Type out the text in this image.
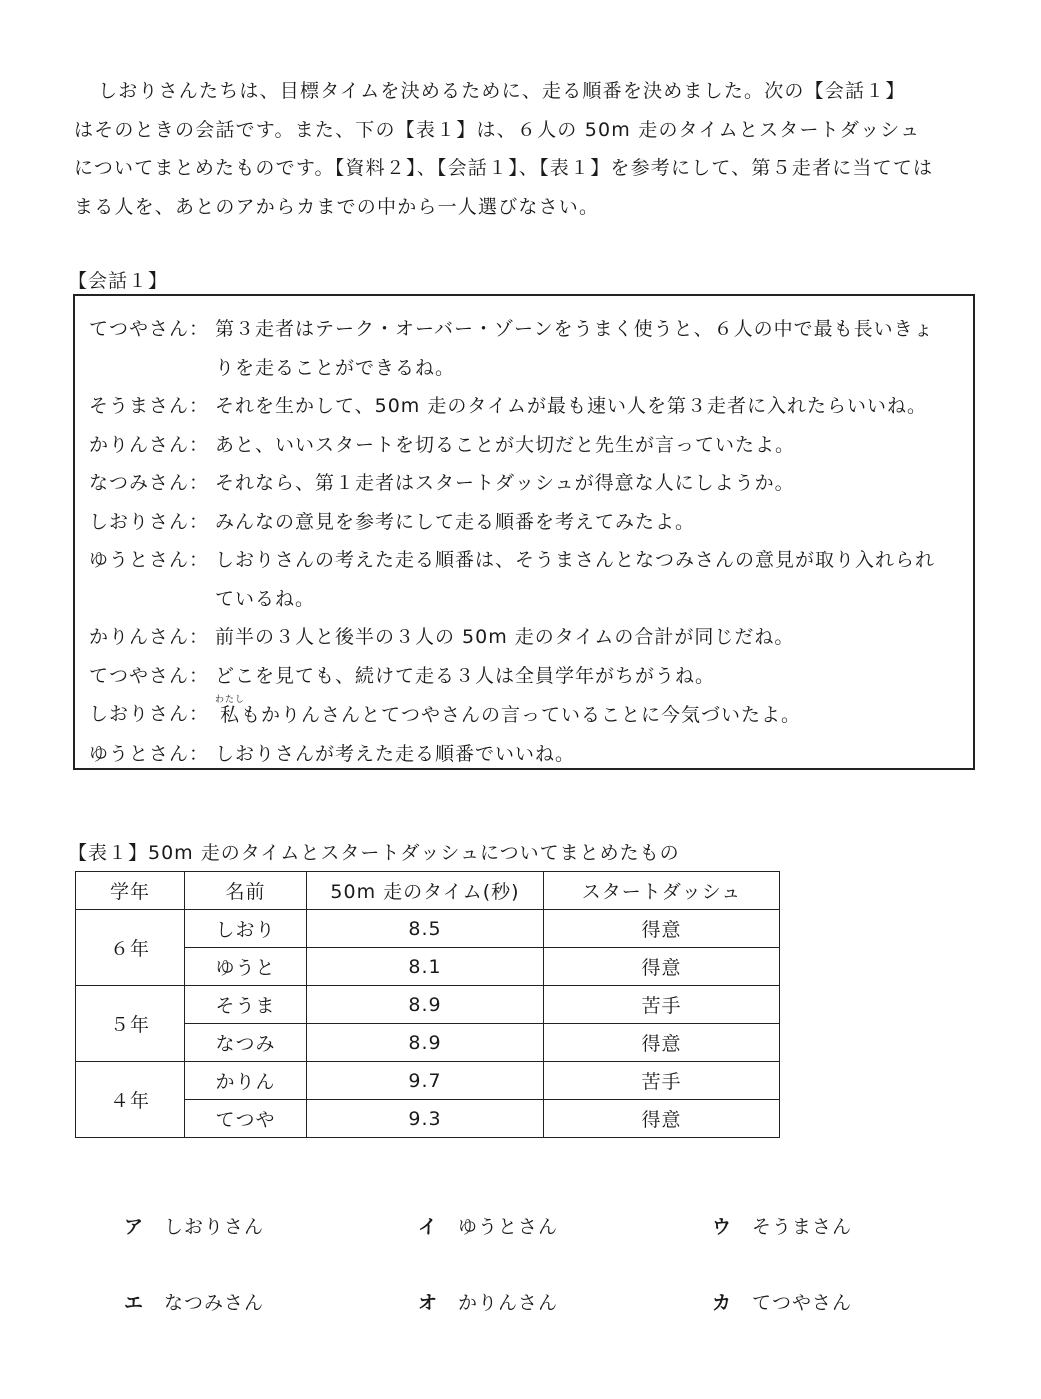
しおりさんたちは、目標タイムを決めるために、走る順番を決めました。次の【会話１】
はそのときの会話です。また、下の【表１】は、６人の 50m 走のタイムとスタートダッシュ
についてまとめたものです。【資料２】、【会話１】、【表１】を参考にして、第５走者に当てては
まる人を、あとのアからカまでの中から一人選びなさい。
【会話１】
てつやさん： 第３走者はテーク・オーバー・ゾーンをうまく使うと、６人の中で最も長いきょ
りを走ることができるね。
そうまさん： それを生かして、50m 走のタイムが最も速い人を第３走者に入れたらいいね。
かりんさん： あと、いいスタートを切ることが大切だと先生が言っていたよ。
なつみさん： それなら、第１走者はスタートダッシュが得意な人にしようか。
しおりさん： みんなの意見を参考にして走る順番を考えてみたよ。
ゆうとさん： しおりさんの考えた走る順番は、そうまさんとなつみさんの意見が取り入れられ
ているね。
かりんさん： 前半の３人と後半の３人の 50m 走のタイムの合計が同じだね。
てつやさん： どこを見ても、続けて走る３人は全員学年がちがうね。
しおりさん： 私わたしもかりんさんとてつやさんの言っていることに今気づいたよ。
ゆうとさん： しおりさんが考えた走る順番でいいね。
【表１】50m 走のタイムとスタートダッシュについてまとめたもの
学年	名前	50m 走のタイム(秒)	スタートダッシュ
６年	しおり	8.5	得意
	ゆうと	8.1	得意
５年	そうま	8.9	苦手
	なつみ	8.9	得意
４年	かりん	9.7	苦手
	てつや	9.3	得意
ア しおりさん	イ ゆうとさん	ウ そうまさん
エ なつみさん	オ かりんさん	カ てつやさん
